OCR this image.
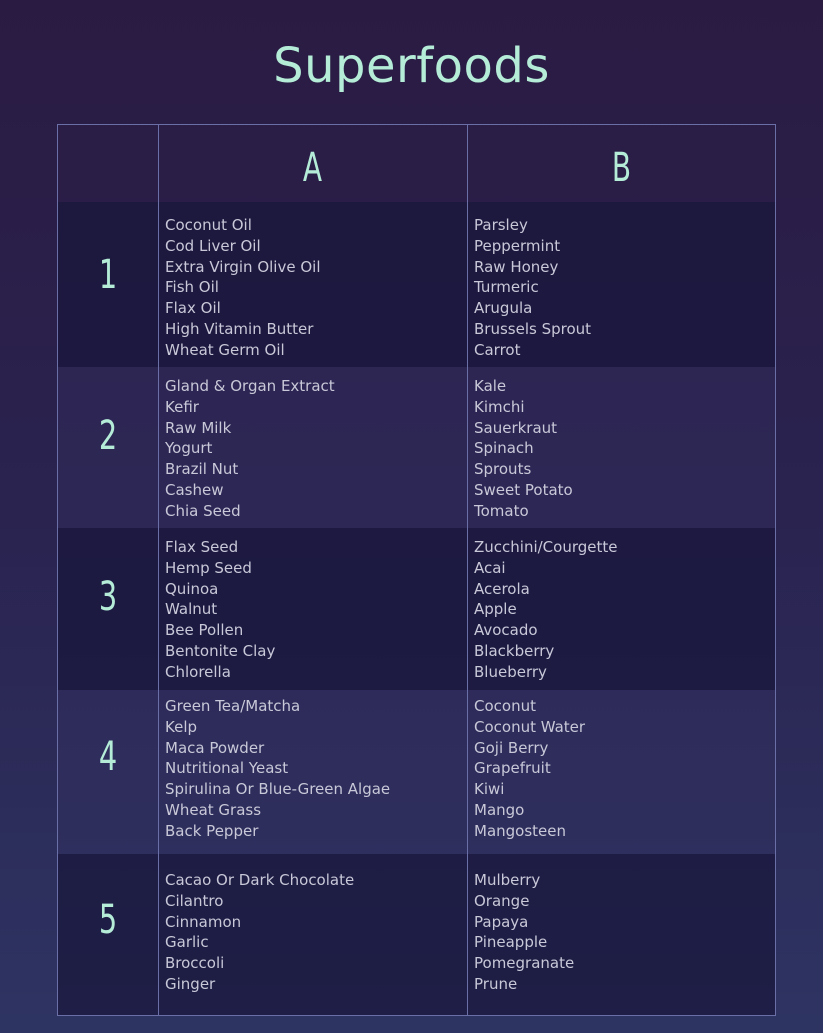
Superfoods
A	B
1
Coconut Oil
Cod Liver Oil
Extra Virgin Olive Oil
Fish Oil
Flax Oil
High Vitamin Butter
Wheat Germ Oil
Parsley
Peppermint
Raw Honey
Turmeric
Arugula
Brussels Sprout
Carrot
2
Gland & Organ Extract
Kefir
Raw Milk
Yogurt
Brazil Nut
Cashew
Chia Seed
Kale
Kimchi
Sauerkraut
Spinach
Sprouts
Sweet Potato
Tomato
3
Flax Seed
Hemp Seed
Quinoa
Walnut
Bee Pollen
Bentonite Clay
Chlorella
Zucchini/Courgette
Acai
Acerola
Apple
Avocado
Blackberry
Blueberry
4
Green Tea/Matcha
Kelp
Maca Powder
Nutritional Yeast
Spirulina Or Blue-Green Algae
Wheat Grass
Back Pepper
Coconut
Coconut Water
Goji Berry
Grapefruit
Kiwi
Mango
Mangosteen
5
Cacao Or Dark Chocolate
Cilantro
Cinnamon
Garlic
Broccoli
Ginger
Mulberry
Orange
Papaya
Pineapple
Pomegranate
Prune
